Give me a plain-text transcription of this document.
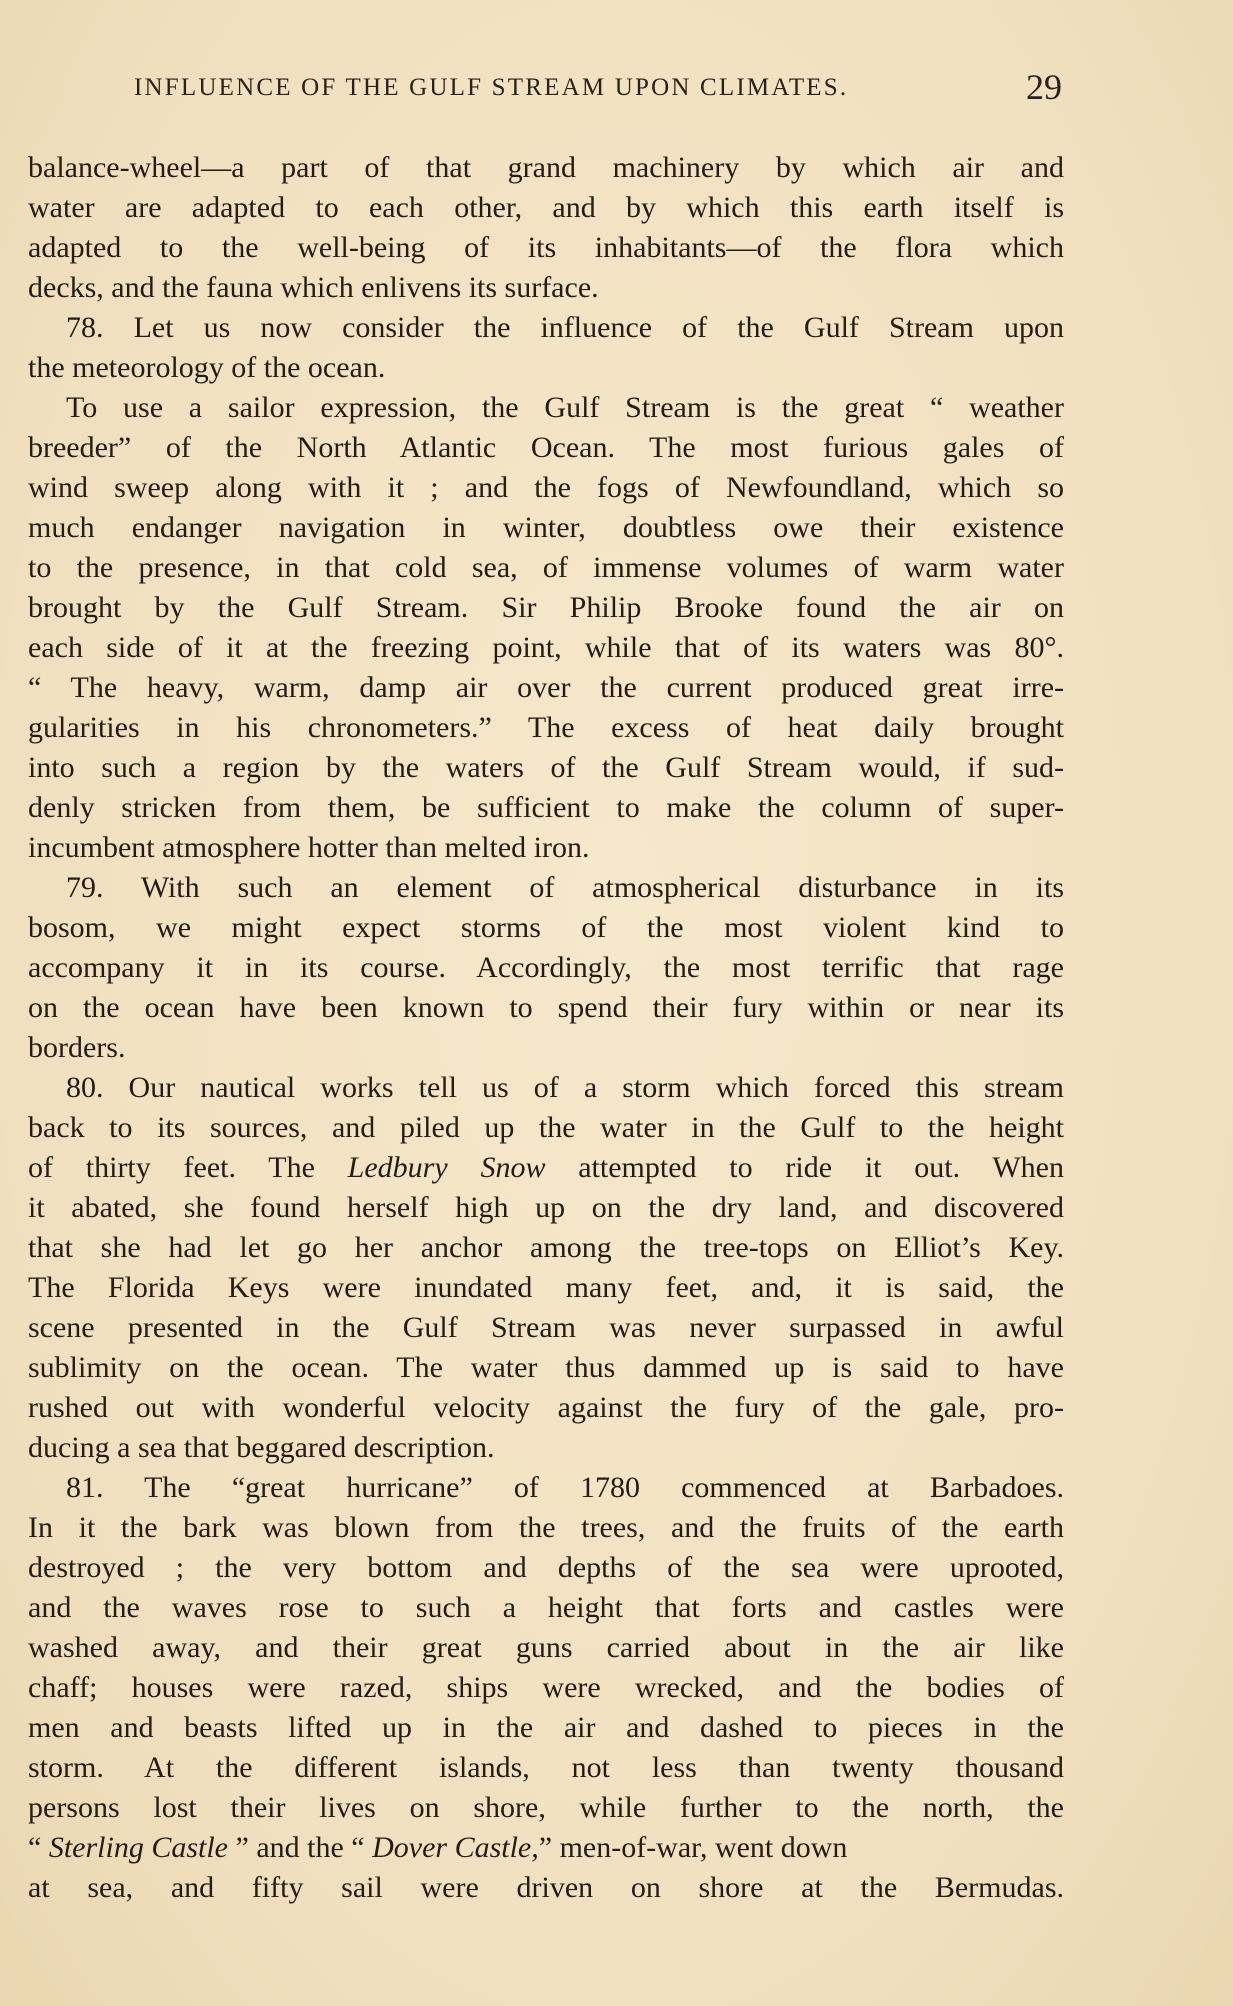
INFLUENCE OF THE GULF STREAM UPON CLIMATES.	29
balance-wheel—a part of that grand machinery by which air and
water are adapted to each other, and by which this earth itself is
adapted to the well-being of its inhabitants—of the flora which
decks, and the fauna which enlivens its surface.
78. Let us now consider the influence of the Gulf Stream upon
the meteorology of the ocean.
To use a sailor expression, the Gulf Stream is the great “ weather
breeder” of the North Atlantic Ocean. The most furious gales of
wind sweep along with it ; and the fogs of Newfoundland, which so
much endanger navigation in winter, doubtless owe their existence
to the presence, in that cold sea, of immense volumes of warm water
brought by the Gulf Stream. Sir Philip Brooke found the air on
each side of it at the freezing point, while that of its waters was 80°.
“ The heavy, warm, damp air over the current produced great irre-
gularities in his chronometers.” The excess of heat daily brought
into such a region by the waters of the Gulf Stream would, if sud-
denly stricken from them, be sufficient to make the column of super-
incumbent atmosphere hotter than melted iron.
79. With such an element of atmospherical disturbance in its
bosom, we might expect storms of the most violent kind to
accompany it in its course. Accordingly, the most terrific that rage
on the ocean have been known to spend their fury within or near its
borders.
80. Our nautical works tell us of a storm which forced this stream
back to its sources, and piled up the water in the Gulf to the height
of thirty feet. The Ledbury Snow attempted to ride it out. When
it abated, she found herself high up on the dry land, and discovered
that she had let go her anchor among the tree-tops on Elliot’s Key.
The Florida Keys were inundated many feet, and, it is said, the
scene presented in the Gulf Stream was never surpassed in awful
sublimity on the ocean. The water thus dammed up is said to have
rushed out with wonderful velocity against the fury of the gale, pro-
ducing a sea that beggared description.
81. The “great hurricane” of 1780 commenced at Barbadoes.
In it the bark was blown from the trees, and the fruits of the earth
destroyed ; the very bottom and depths of the sea were uprooted,
and the waves rose to such a height that forts and castles were
washed away, and their great guns carried about in the air like
chaff; houses were razed, ships were wrecked, and the bodies of
men and beasts lifted up in the air and dashed to pieces in the
storm. At the different islands, not less than twenty thousand
persons lost their lives on shore, while further to the north, the
“ Sterling Castle ” and the “ Dover Castle,” men-of-war, went down
at sea, and fifty sail were driven on shore at the Bermudas.
